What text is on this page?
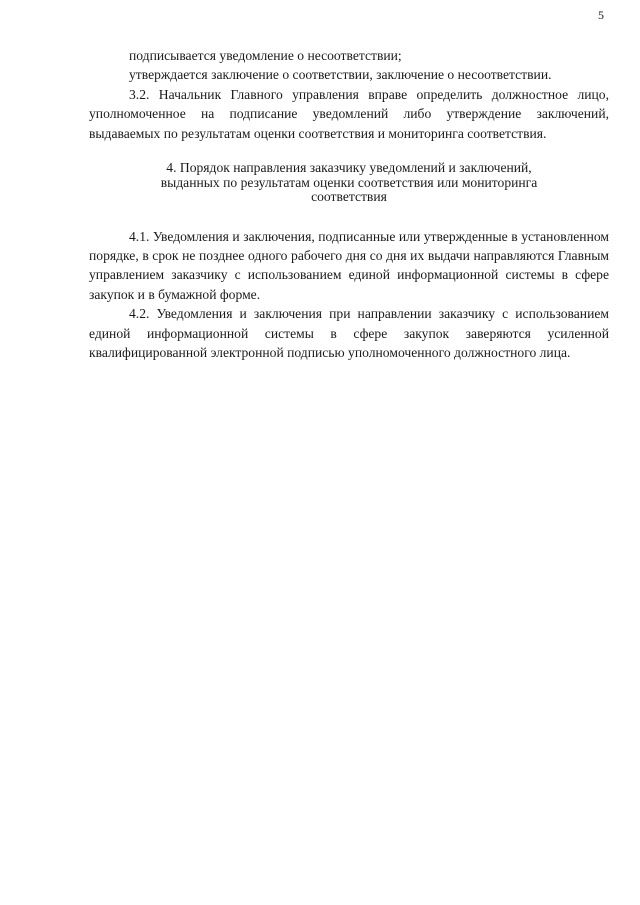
5

подписывается уведомление о несоответствии;

утверждается заключение о соответствии, заключение о несоответствии.

3.2. Начальник Главного управления вправе определить должностное лицо, уполномоченное на подписание уведомлений либо утверждение заключений, выдаваемых по результатам оценки соответствия и мониторинга соответствия.

4. Порядок направления заказчику уведомлений и заключений,
выданных по результатам оценки соответствия или мониторинга
соответствия

4.1. Уведомления и заключения, подписанные или утвержденные в установленном порядке, в срок не позднее одного рабочего дня со дня их выдачи направляются Главным управлением заказчику с использованием единой информационной системы в сфере закупок и в бумажной форме.

4.2. Уведомления и заключения при направлении заказчику с использованием единой информационной системы в сфере закупок заверяются усиленной квалифицированной электронной подписью уполномоченного должностного лица.
